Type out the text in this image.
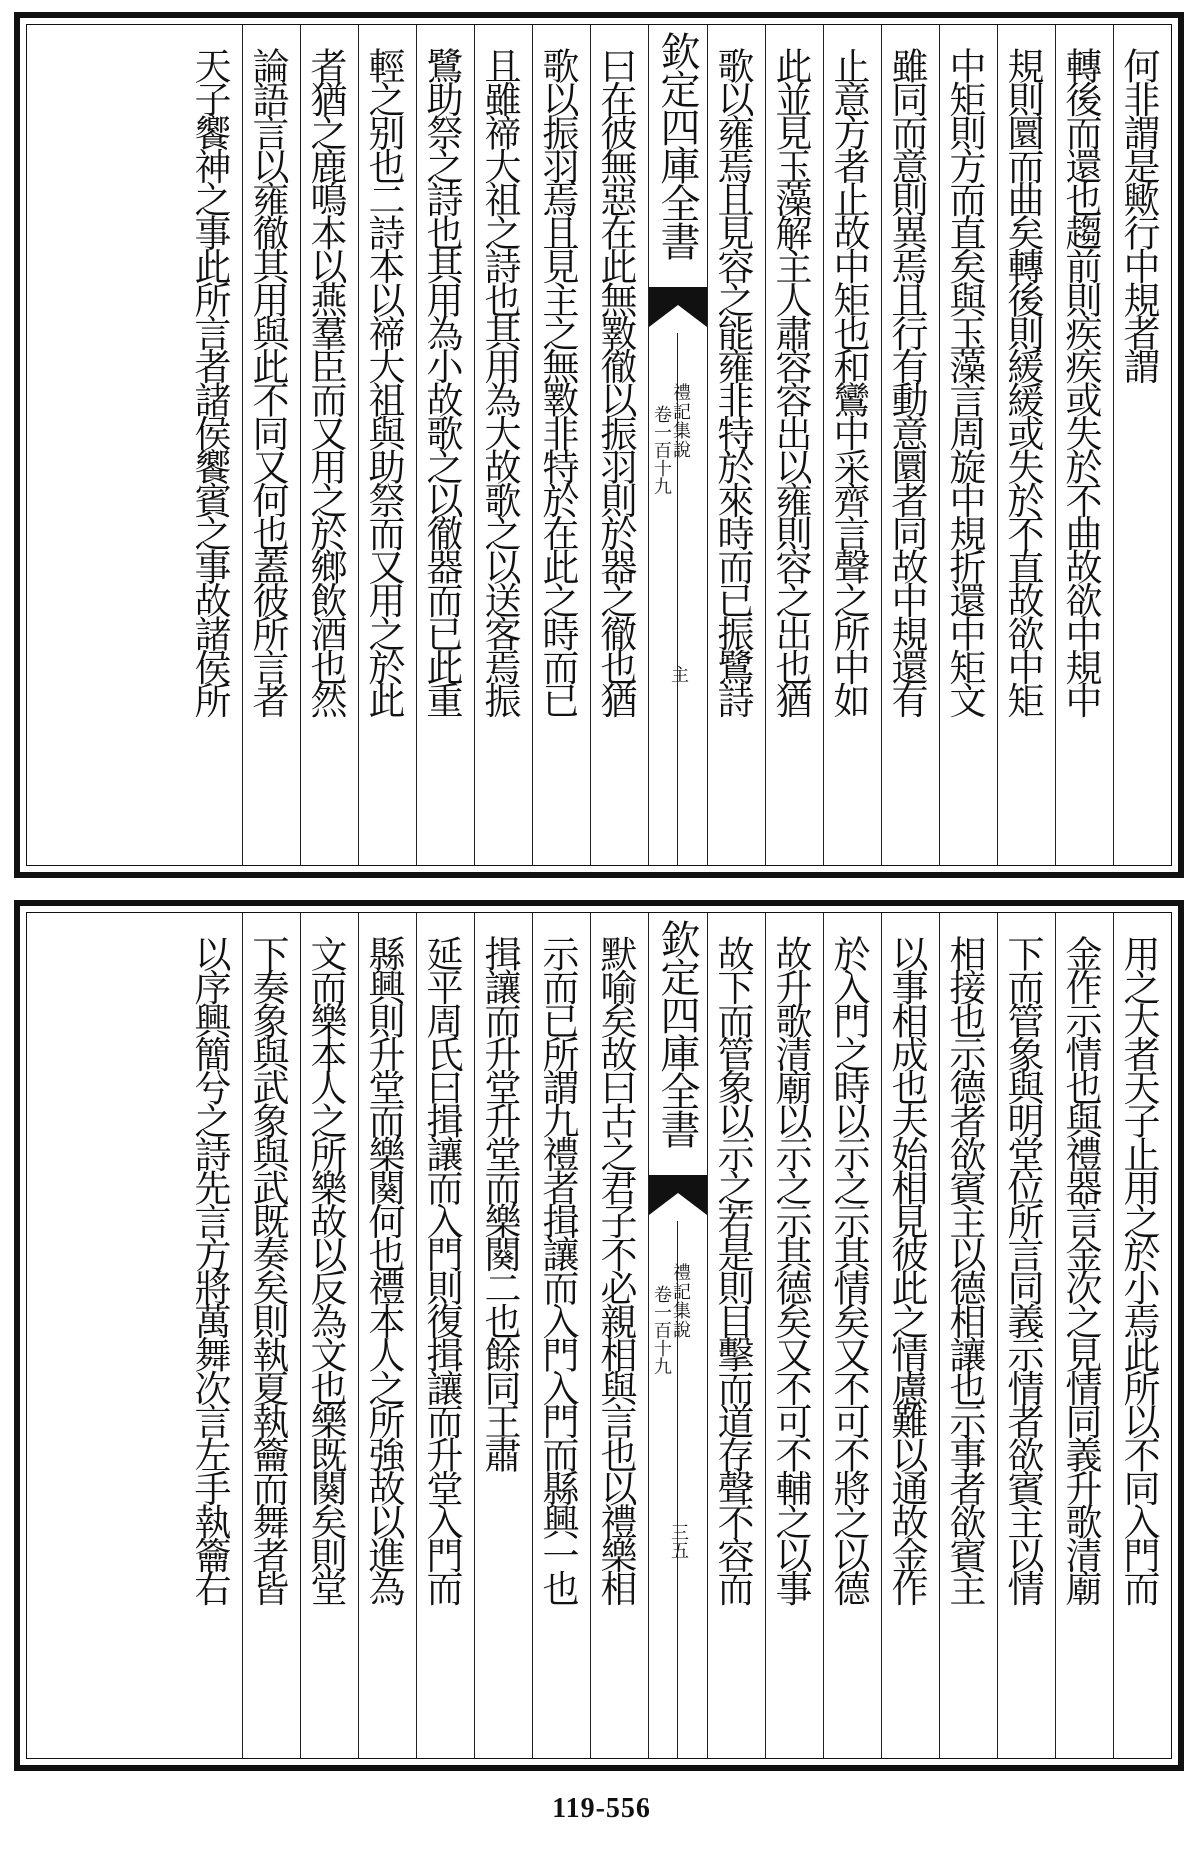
何非謂是歟行中規者謂
轉後而還也趨前則疾疾或失於不曲故欲中規中
規則圜而曲矣轉後則緩緩或失於不直故欲中矩
中矩則方而直矣與玉藻言周旋中規折還中矩文
雖同而意則異焉且行有動意圜者同故中規還有
止意方者止故中矩也和鸞中采齊言聲之所中如
此並見玉藻解主人肅容容出以雍則容之出也猶
歌以雍焉且見容之能雍非特於來時而已振鷺詩
欽定四庫全書
禮記集說
卷一百十九
主
曰在彼無惡在此無斁徹以振羽則於器之徹也猶
歌以振羽焉且見主之無斁非特於在此之時而已
且雖禘大祖之詩也其用為大故歌之以送客焉振
鷺助祭之詩也其用為小故歌之以徹器而已此重
輕之别也二詩本以禘大祖與助祭而又用之於此
者猶之鹿鳴本以燕羣臣而又用之於鄉飲酒也然
論語言以雍徹其用與此不同又何也蓋彼所言者
天子饗神之事此所言者諸侯饗賓之事故諸侯所
用之大者天子止用之於小焉此所以不同入門而
金作示情也與禮器言金次之見情同義升歌清廟
下而管象與明堂位所言同義示情者欲賓主以情
相接也示德者欲賓主以德相讓也示事者欲賓主
以事相成也夫始相見彼此之情慮難以通故金作
於入門之時以示之示其情矣又不可不將之以德
故升歌清廟以示之示其德矣又不可不輔之以事
故下而管象以示之若是則目擊而道存聲不容而
欽定四庫全書
禮記集說
卷一百十九
三五
默喻矣故曰古之君子不必親相與言也以禮樂相
示而已所謂九禮者揖讓而入門入門而縣興一也
揖讓而升堂升堂而樂闋二也餘同王肅
延平周氏曰揖讓而入門則復揖讓而升堂入門而
縣興則升堂而樂闋何也禮本人之所強故以進為
文而樂本人之所樂故以反為文也樂既闋矣則堂
下奏象與武象與武既奏矣則執夏執籥而舞者皆
以序興簡兮之詩先言方將萬舞次言左手執籥右
119-556
